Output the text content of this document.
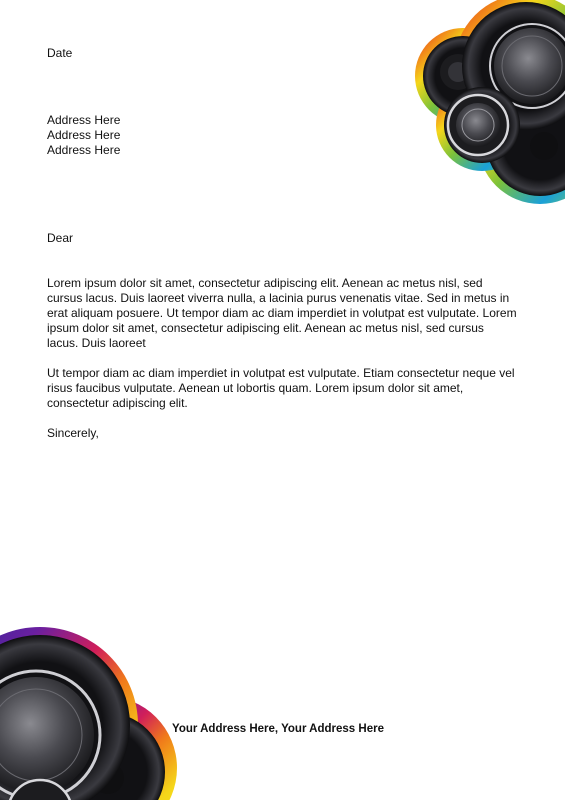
Date

Address Here
Address Here
Address Here

Dear

Lorem ipsum dolor sit amet, consectetur adipiscing elit. Aenean ac metus nisl, sed cursus lacus. Duis laoreet viverra nulla, a lacinia purus venenatis vitae. Sed in metus in erat aliquam posuere. Ut tempor diam ac diam imperdiet in volutpat est vulputate. Lorem ipsum dolor sit amet, consectetur adipiscing elit. Aenean ac metus nisl, sed cursus lacus. Duis laoreet

Ut tempor diam ac diam imperdiet in volutpat est vulputate. Etiam consectetur neque vel risus faucibus vulputate. Aenean ut lobortis quam. Lorem ipsum dolor sit amet, consectetur adipiscing elit.

Sincerely,

Your Address Here, Your Address Here
